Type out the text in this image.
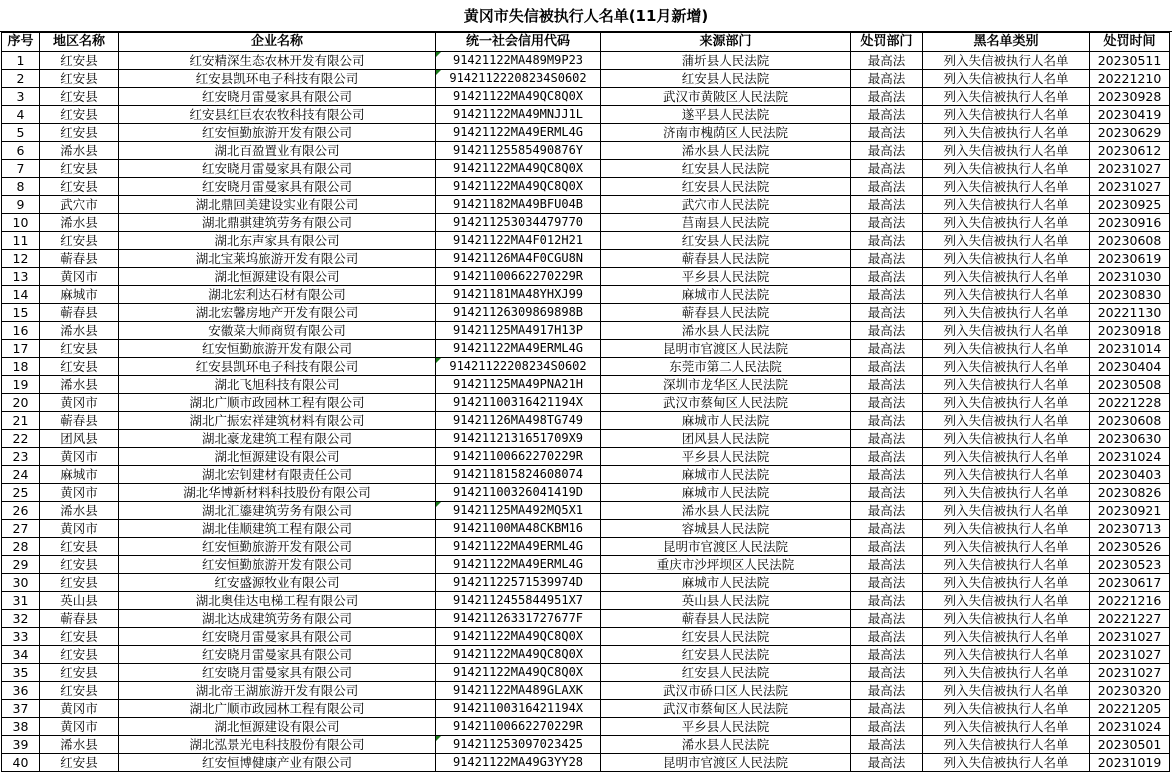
黄冈市失信被执行人名单(11月新增)
序号	地区名称	企业名称	统一社会信用代码	来源部门	处罚部门	黑名单类别	处罚时间
1	红安县	红安精深生态农林开发有限公司	91421122MA489M9P23	蒲圻县人民法院	最高法	列入失信被执行人名单	20230511
2	红安县	红安县凯环电子科技有限公司	91421122208234S0602	红安县人民法院	最高法	列入失信被执行人名单	20221210
3	红安县	红安晓月雷曼家具有限公司	91421122MA49QC8Q0X	武汉市黄陂区人民法院	最高法	列入失信被执行人名单	20230928
4	红安县	红安县红巨农农牧科技有限公司	91421122MA49MNJJ1L	遂平县人民法院	最高法	列入失信被执行人名单	20230419
5	红安县	红安恒勤旅游开发有限公司	91421122MA49ERML4G	济南市槐荫区人民法院	最高法	列入失信被执行人名单	20230629
6	浠水县	湖北百盈置业有限公司	91421125585490876Y	浠水县人民法院	最高法	列入失信被执行人名单	20230612
7	红安县	红安晓月雷曼家具有限公司	91421122MA49QC8Q0X	红安县人民法院	最高法	列入失信被执行人名单	20231027
8	红安县	红安晓月雷曼家具有限公司	91421122MA49QC8Q0X	红安县人民法院	最高法	列入失信被执行人名单	20231027
9	武穴市	湖北鼎回美建设实业有限公司	91421182MA49BFU04B	武穴市人民法院	最高法	列入失信被执行人名单	20230925
10	浠水县	湖北鼎骐建筑劳务有限公司	914211253034479770	莒南县人民法院	最高法	列入失信被执行人名单	20230916
11	红安县	湖北东声家具有限公司	91421122MA4F012H21	红安县人民法院	最高法	列入失信被执行人名单	20230608
12	蕲春县	湖北宝莱坞旅游开发有限公司	91421126MA4F0CGU8N	蕲春县人民法院	最高法	列入失信被执行人名单	20230619
13	黄冈市	湖北恒源建设有限公司	91421100662270229R	平乡县人民法院	最高法	列入失信被执行人名单	20231030
14	麻城市	湖北宏利达石材有限公司	91421181MA48YHXJ99	麻城市人民法院	最高法	列入失信被执行人名单	20230830
15	蕲春县	湖北宏馨房地产开发有限公司	91421126309869898B	蕲春县人民法院	最高法	列入失信被执行人名单	20221130
16	浠水县	安徽菜大师商贸有限公司	91421125MA4917H13P	浠水县人民法院	最高法	列入失信被执行人名单	20230918
17	红安县	红安恒勤旅游开发有限公司	91421122MA49ERML4G	昆明市官渡区人民法院	最高法	列入失信被执行人名单	20231014
18	红安县	红安县凯环电子科技有限公司	91421122208234S0602	东莞市第二人民法院	最高法	列入失信被执行人名单	20230404
19	浠水县	湖北飞旭科技有限公司	91421125MA49PNA21H	深圳市龙华区人民法院	最高法	列入失信被执行人名单	20230508
20	黄冈市	湖北广顺市政园林工程有限公司	91421100316421194X	武汉市蔡甸区人民法院	最高法	列入失信被执行人名单	20221228
21	蕲春县	湖北广振宏祥建筑材料有限公司	91421126MA498TG749	麻城市人民法院	最高法	列入失信被执行人名单	20230608
22	团风县	湖北豪龙建筑工程有限公司	9142112131651709X9	团风县人民法院	最高法	列入失信被执行人名单	20230630
23	黄冈市	湖北恒源建设有限公司	91421100662270229R	平乡县人民法院	最高法	列入失信被执行人名单	20231024
24	麻城市	湖北宏钊建材有限责任公司	914211815824608074	麻城市人民法院	最高法	列入失信被执行人名单	20230403
25	黄冈市	湖北华博新材料科技股份有限公司	91421100326041419D	麻城市人民法院	最高法	列入失信被执行人名单	20230826
26	浠水县	湖北汇鎏建筑劳务有限公司	91421125MA492MQ5X1	浠水县人民法院	最高法	列入失信被执行人名单	20230921
27	黄冈市	湖北佳顺建筑工程有限公司	91421100MA48CKBM16	容城县人民法院	最高法	列入失信被执行人名单	20230713
28	红安县	红安恒勤旅游开发有限公司	91421122MA49ERML4G	昆明市官渡区人民法院	最高法	列入失信被执行人名单	20230526
29	红安县	红安恒勤旅游开发有限公司	91421122MA49ERML4G	重庆市沙坪坝区人民法院	最高法	列入失信被执行人名单	20230523
30	红安县	红安盛源牧业有限公司	91421122571539974D	麻城市人民法院	最高法	列入失信被执行人名单	20230617
31	英山县	湖北奥佳达电梯工程有限公司	9142112455844951X7	英山县人民法院	最高法	列入失信被执行人名单	20221216
32	蕲春县	湖北达成建筑劳务有限公司	91421126331727677F	蕲春县人民法院	最高法	列入失信被执行人名单	20221227
33	红安县	红安晓月雷曼家具有限公司	91421122MA49QC8Q0X	红安县人民法院	最高法	列入失信被执行人名单	20231027
34	红安县	红安晓月雷曼家具有限公司	91421122MA49QC8Q0X	红安县人民法院	最高法	列入失信被执行人名单	20231027
35	红安县	红安晓月雷曼家具有限公司	91421122MA49QC8Q0X	红安县人民法院	最高法	列入失信被执行人名单	20231027
36	红安县	湖北帝王湖旅游开发有限公司	91421122MA489GLAXK	武汉市硚口区人民法院	最高法	列入失信被执行人名单	20230320
37	黄冈市	湖北广顺市政园林工程有限公司	91421100316421194X	武汉市蔡甸区人民法院	最高法	列入失信被执行人名单	20221205
38	黄冈市	湖北恒源建设有限公司	91421100662270229R	平乡县人民法院	最高法	列入失信被执行人名单	20231024
39	浠水县	湖北泓景光电科技股份有限公司	914211253097023425	浠水县人民法院	最高法	列入失信被执行人名单	20230501
40	红安县	红安恒博健康产业有限公司	91421122MA49G3YY28	昆明市官渡区人民法院	最高法	列入失信被执行人名单	20231019
